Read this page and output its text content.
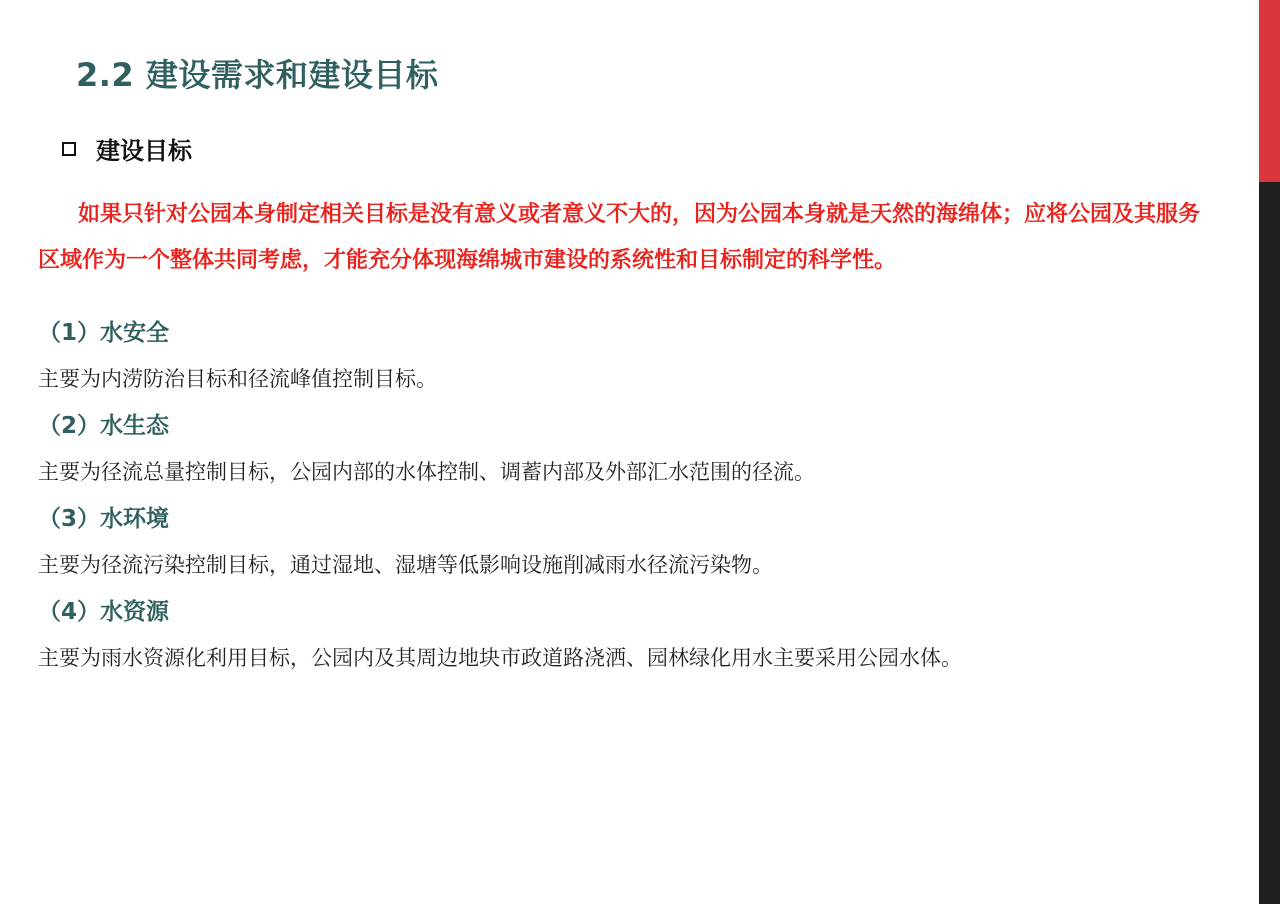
2.2 建设需求和建设目标
建设目标
如果只针对公园本身制定相关目标是没有意义或者意义不大的，因为公园本身就是天然的海绵体；应将公园及其服务区域作为一个整体共同考虑，才能充分体现海绵城市建设的系统性和目标制定的科学性。
（1）水安全
主要为内涝防治目标和径流峰值控制目标。
（2）水生态
主要为径流总量控制目标，公园内部的水体控制、调蓄内部及外部汇水范围的径流。
（3）水环境
主要为径流污染控制目标，通过湿地、湿塘等低影响设施削减雨水径流污染物。
（4）水资源
主要为雨水资源化利用目标，公园内及其周边地块市政道路浇洒、园林绿化用水主要采用公园水体。
